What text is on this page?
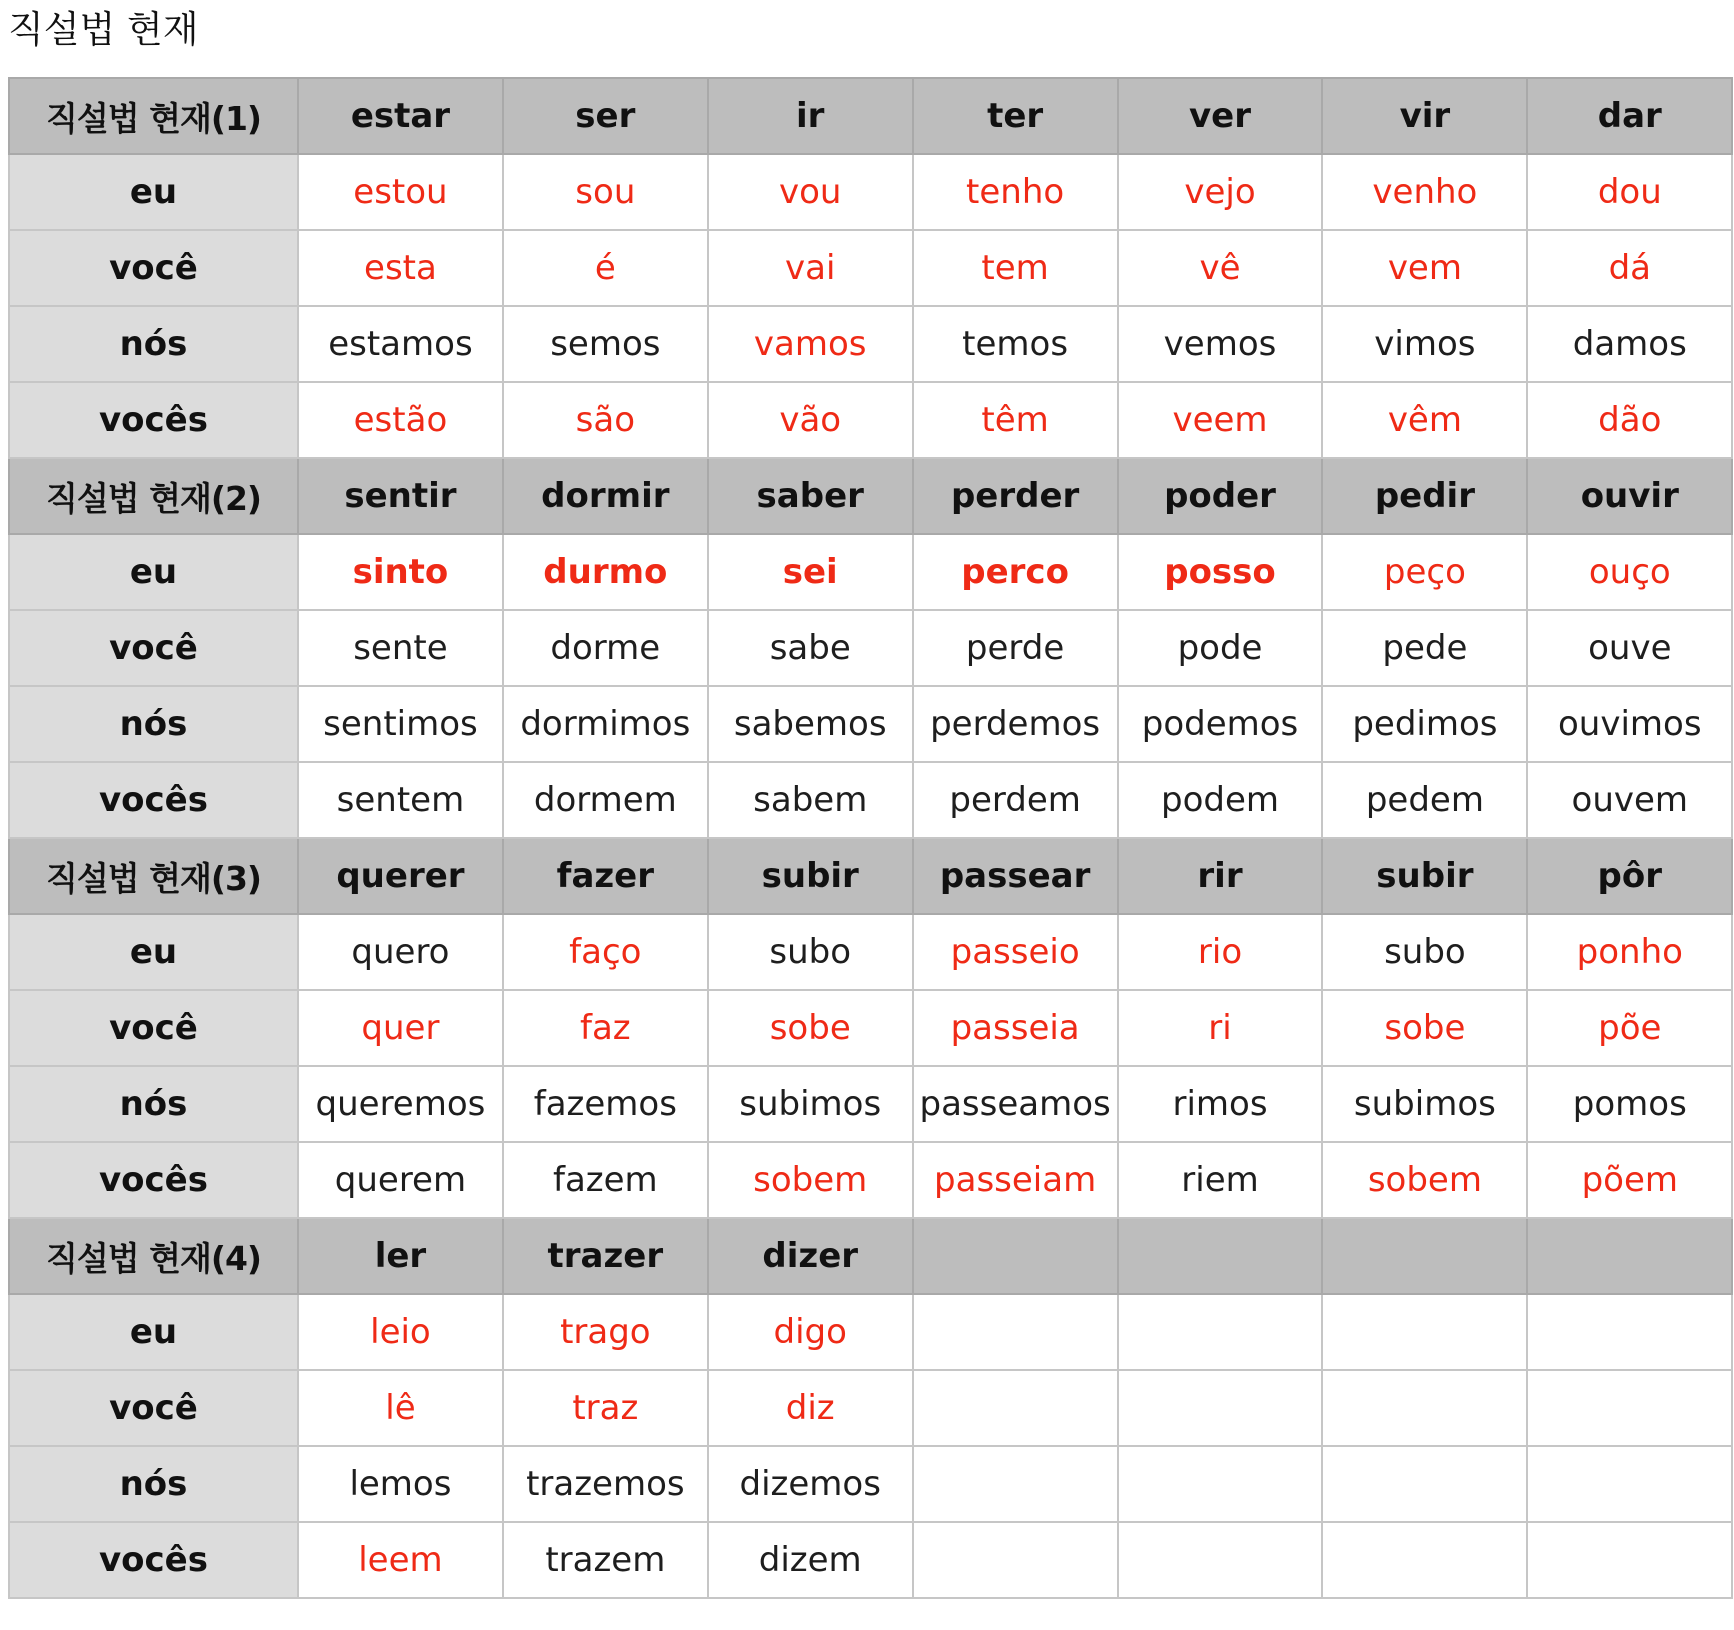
직설법 현재
직설법 현재(1)	estar	ser	ir	ter	ver	vir	dar
eu	estou	sou	vou	tenho	vejo	venho	dou
você	esta	é	vai	tem	vê	vem	dá
nós	estamos	semos	vamos	temos	vemos	vimos	damos
vocês	estão	são	vão	têm	veem	vêm	dão
직설법 현재(2)	sentir	dormir	saber	perder	poder	pedir	ouvir
eu	sinto	durmo	sei	perco	posso	peço	ouço
você	sente	dorme	sabe	perde	pode	pede	ouve
nós	sentimos	dormimos	sabemos	perdemos	podemos	pedimos	ouvimos
vocês	sentem	dormem	sabem	perdem	podem	pedem	ouvem
직설법 현재(3)	querer	fazer	subir	passear	rir	subir	pôr
eu	quero	faço	subo	passeio	rio	subo	ponho
você	quer	faz	sobe	passeia	ri	sobe	põe
nós	queremos	fazemos	subimos	passeamos	rimos	subimos	pomos
vocês	querem	fazem	sobem	passeiam	riem	sobem	põem
직설법 현재(4)	ler	trazer	dizer				
eu	leio	trago	digo				
você	lê	traz	diz				
nós	lemos	trazemos	dizemos				
vocês	leem	trazem	dizem				
